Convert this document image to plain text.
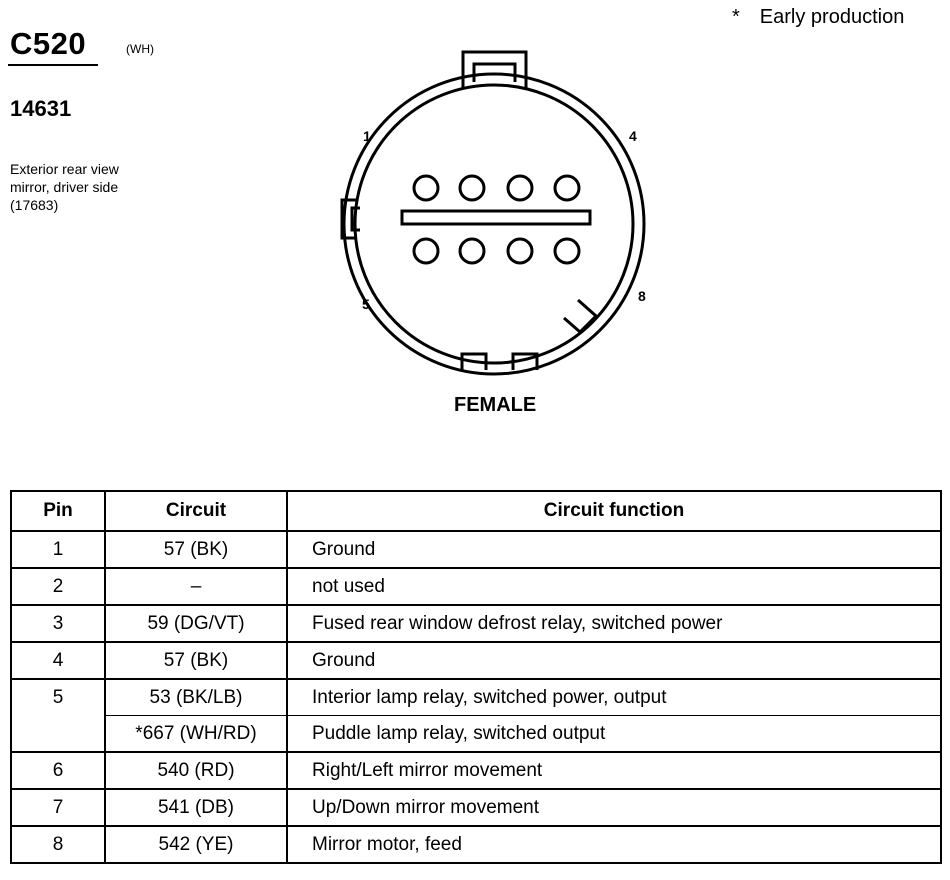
* Early production
C520	(WH)
14631
Exterior rear view
mirror, driver side
(17683)
1	4
5	8
FEMALE
Pin	Circuit	Circuit function
1	57 (BK)	Ground
2	–	not used
3	59 (DG/VT)	Fused rear window defrost relay, switched power
4	57 (BK)	Ground
5	53 (BK/LB)	Interior lamp relay, switched power, output
	*667 (WH/RD)	Puddle lamp relay, switched output
6	540 (RD)	Right/Left mirror movement
7	541 (DB)	Up/Down mirror movement
8	542 (YE)	Mirror motor, feed
